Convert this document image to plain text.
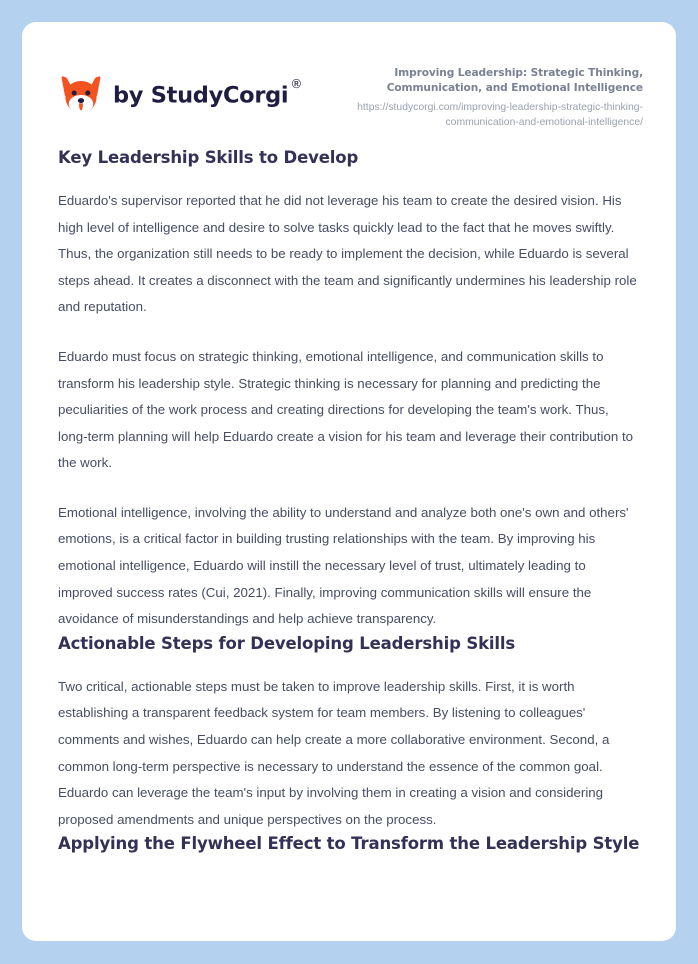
by StudyCorgi ®
Improving Leadership: Strategic Thinking, Communication, and Emotional Intelligence
https://studycorgi.com/improving-leadership-strategic-thinking-communication-and-emotional-intelligence/
Key Leadership Skills to Develop

Eduardo's supervisor reported that he did not leverage his team to create the desired vision. His high level of intelligence and desire to solve tasks quickly lead to the fact that he moves swiftly. Thus, the organization still needs to be ready to implement the decision, while Eduardo is several steps ahead. It creates a disconnect with the team and significantly undermines his leadership role and reputation.

Eduardo must focus on strategic thinking, emotional intelligence, and communication skills to transform his leadership style. Strategic thinking is necessary for planning and predicting the peculiarities of the work process and creating directions for developing the team's work. Thus, long-term planning will help Eduardo create a vision for his team and leverage their contribution to the work.

Emotional intelligence, involving the ability to understand and analyze both one's own and others' emotions, is a critical factor in building trusting relationships with the team. By improving his emotional intelligence, Eduardo will instill the necessary level of trust, ultimately leading to improved success rates (Cui, 2021). Finally, improving communication skills will ensure the avoidance of misunderstandings and help achieve transparency.

Actionable Steps for Developing Leadership Skills

Two critical, actionable steps must be taken to improve leadership skills. First, it is worth establishing a transparent feedback system for team members. By listening to colleagues' comments and wishes, Eduardo can help create a more collaborative environment. Second, a common long-term perspective is necessary to understand the essence of the common goal. Eduardo can leverage the team's input by involving them in creating a vision and considering proposed amendments and unique perspectives on the process.

Applying the Flywheel Effect to Transform the Leadership Style
